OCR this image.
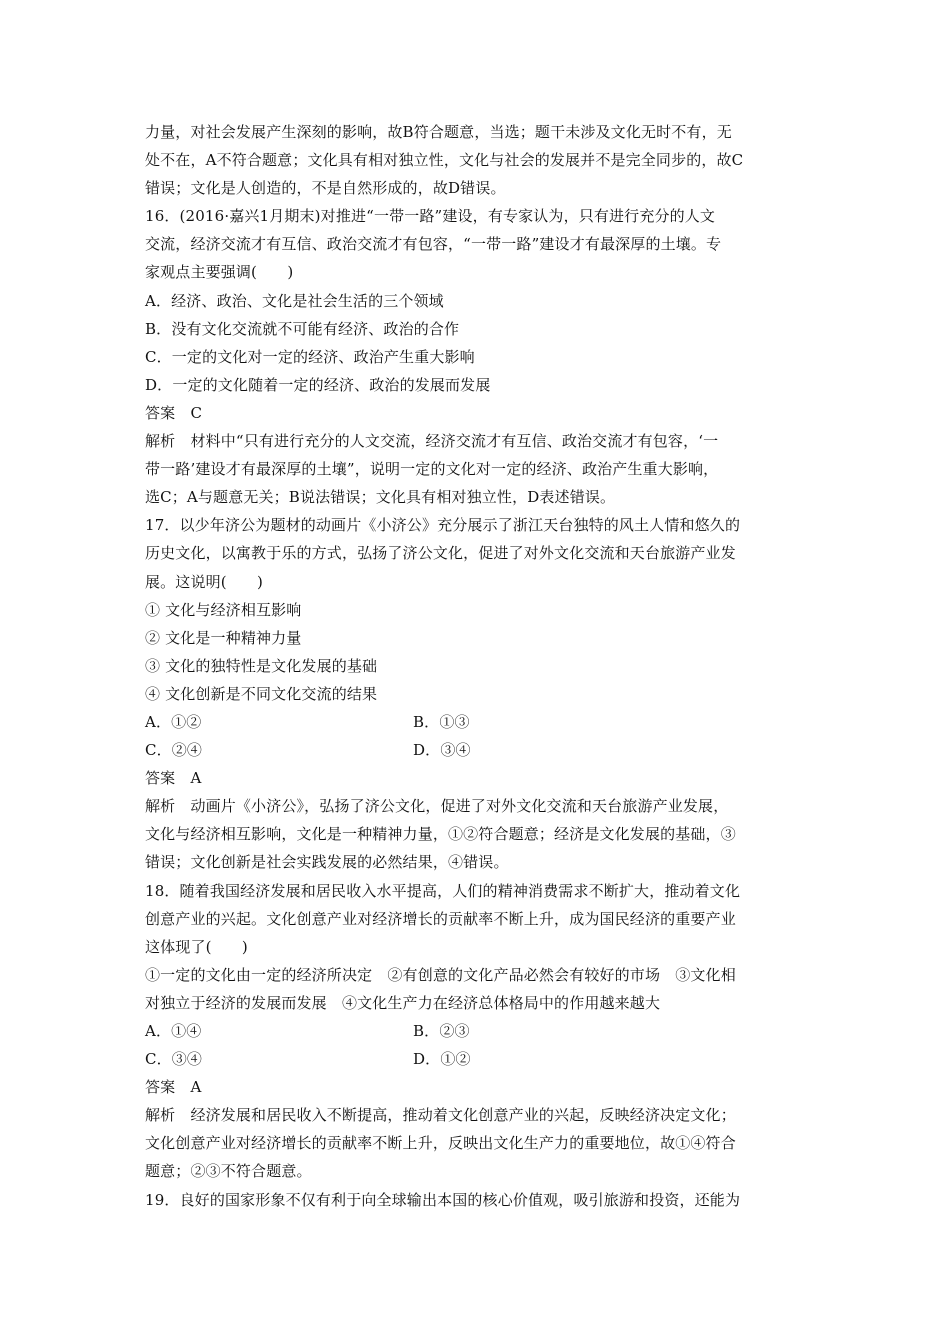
力量，对社会发展产生深刻的影响，故B符合题意，当选；题干未涉及文化无时不有，无
处不在，A不符合题意；文化具有相对独立性，文化与社会的发展并不是完全同步的，故C
错误；文化是人创造的，不是自然形成的，故D错误。
16．(2016·嘉兴1月期末)对推进“一带一路”建设，有专家认为，只有进行充分的人文
交流，经济交流才有互信、政治交流才有包容，“一带一路”建设才有最深厚的土壤。专
家观点主要强调(　　)
A．经济、政治、文化是社会生活的三个领域
B．没有文化交流就不可能有经济、政治的合作
C．一定的文化对一定的经济、政治产生重大影响
D．一定的文化随着一定的经济、政治的发展而发展
答案　C
解析　材料中“只有进行充分的人文交流，经济交流才有互信、政治交流才有包容，‘一
带一路’建设才有最深厚的土壤”，说明一定的文化对一定的经济、政治产生重大影响，
选C；A与题意无关；B说法错误；文化具有相对独立性，D表述错误。
17．以少年济公为题材的动画片《小济公》充分展示了浙江天台独特的风土人情和悠久的
历史文化，以寓教于乐的方式，弘扬了济公文化，促进了对外文化交流和天台旅游产业发
展。这说明(　　)
① 文化与经济相互影响
② 文化是一种精神力量
③ 文化的独特性是文化发展的基础
④ 文化创新是不同文化交流的结果
A．①②	B．①③
C．②④	D．③④
答案　A
解析　动画片《小济公》，弘扬了济公文化，促进了对外文化交流和天台旅游产业发展，
文化与经济相互影响，文化是一种精神力量，①②符合题意；经济是文化发展的基础，③
错误；文化创新是社会实践发展的必然结果，④错误。
18．随着我国经济发展和居民收入水平提高，人们的精神消费需求不断扩大，推动着文化
创意产业的兴起。文化创意产业对经济增长的贡献率不断上升，成为国民经济的重要产业
这体现了(　　)
①一定的文化由一定的经济所决定　②有创意的文化产品必然会有较好的市场　③文化相
对独立于经济的发展而发展　④文化生产力在经济总体格局中的作用越来越大
A．①④	B．②③
C．③④	D．①②
答案　A
解析　经济发展和居民收入不断提高，推动着文化创意产业的兴起，反映经济决定文化；
文化创意产业对经济增长的贡献率不断上升，反映出文化生产力的重要地位，故①④符合
题意；②③不符合题意。
19．良好的国家形象不仅有利于向全球输出本国的核心价值观，吸引旅游和投资，还能为
